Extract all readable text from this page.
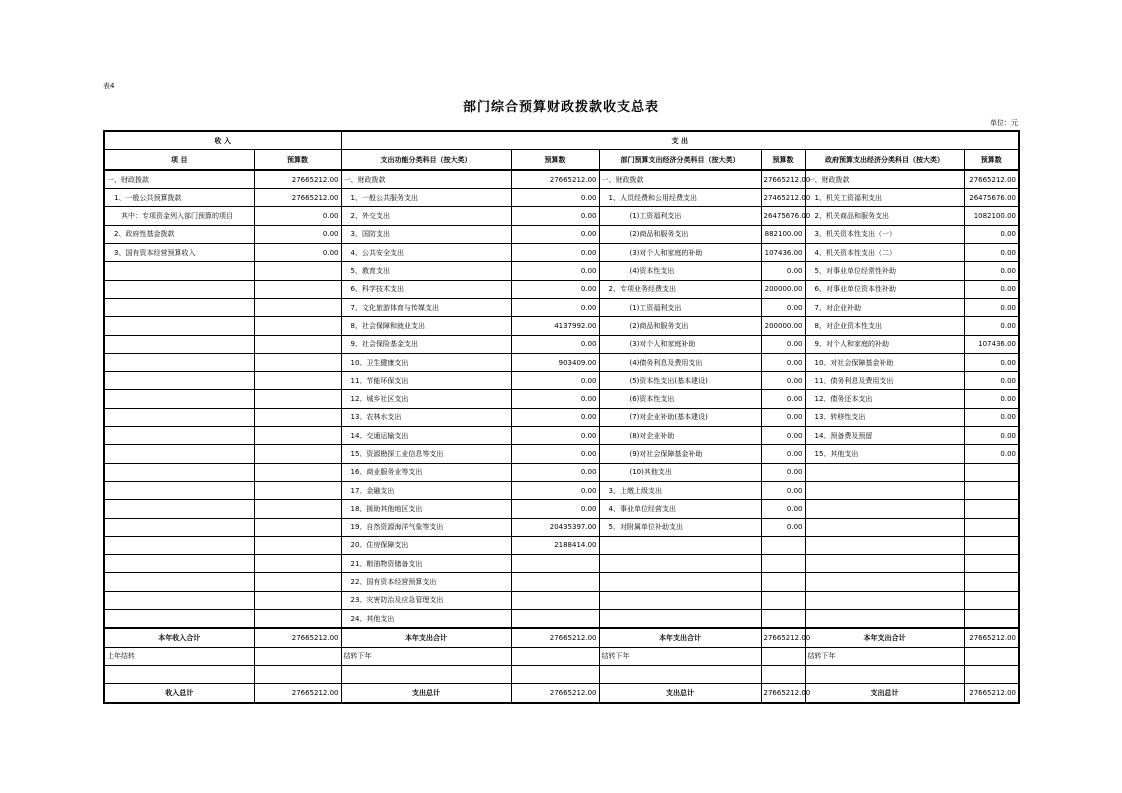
表4
部门综合预算财政拨款收支总表
单位：元
收 入		支 出					
项 目	预算数	支出功能分类科目（按大类）	预算数	部门预算支出经济分类科目（按大类）	预算数	政府预算支出经济分类科目（按大类）	预算数
一、财政拨款	27665212.00	一、财政拨款	27665212.00	一、财政拨款	27665212.00	一、财政拨款	27665212.00
　1、一般公共预算拨款	27665212.00	　1、一般公共服务支出	0.00	　1、人员经费和公用经费支出	27465212.00	　1、机关工资福利支出	26475676.00
　　其中：专项资金列入部门预算的项目	0.00	　2、外交支出	0.00	　　　　(1)工资福利支出	26475676.00	　2、机关商品和服务支出	1082100.00
　2、政府性基金拨款	0.00	　3、国防支出	0.00	　　　　(2)商品和服务支出	882100.00	　3、机关资本性支出（一）	0.00
　3、国有资本经营预算收入	0.00	　4、公共安全支出	0.00	　　　　(3)对个人和家庭的补助	107436.00	　4、机关资本性支出（二）	0.00
		　5、教育支出	0.00	　　　　(4)资本性支出	0.00	　5、对事业单位经常性补助	0.00
		　6、科学技术支出	0.00	　2、专项业务经费支出	200000.00	　6、对事业单位资本性补助	0.00
		　7、文化旅游体育与传媒支出	0.00	　　　　(1)工资福利支出	0.00	　7、对企业补助	0.00
		　8、社会保障和就业支出	4137992.00	　　　　(2)商品和服务支出	200000.00	　8、对企业资本性支出	0.00
		　9、社会保险基金支出	0.00	　　　　(3)对个人和家庭补助	0.00	　9、对个人和家庭的补助	107436.00
		　10、卫生健康支出	903409.00	　　　　(4)债务利息及费用支出	0.00	　10、对社会保障基金补助	0.00
		　11、节能环保支出	0.00	　　　　(5)资本性支出(基本建设)	0.00	　11、债务利息及费用支出	0.00
		　12、城乡社区支出	0.00	　　　　(6)资本性支出	0.00	　12、债务还本支出	0.00
		　13、农林水支出	0.00	　　　　(7)对企业补助(基本建设)	0.00	　13、转移性支出	0.00
		　14、交通运输支出	0.00	　　　　(8)对企业补助	0.00	　14、预备费及预留	0.00
		　15、资源勘探工业信息等支出	0.00	　　　　(9)对社会保障基金补助	0.00	　15、其他支出	0.00
		　16、商业服务业等支出	0.00	　　　　(10)其他支出	0.00		
		　17、金融支出	0.00	　3、上缴上级支出	0.00		
		　18、援助其他地区支出	0.00	　4、事业单位经营支出	0.00		
		　19、自然资源海洋气象等支出	20435397.00	　5、对附属单位补助支出	0.00		
		　20、住房保障支出	2188414.00				
		　21、粮油物资储备支出					
		　22、国有资本经营预算支出					
		　23、灾害防治及应急管理支出					
		　24、其他支出					
本年收入合计	27665212.00	本年支出合计	27665212.00	本年支出合计	27665212.00	本年支出合计	27665212.00
上年结转		结转下年		结转下年		结转下年	

收入总计	27665212.00	支出总计	27665212.00	支出总计	27665212.00	支出总计	27665212.00
